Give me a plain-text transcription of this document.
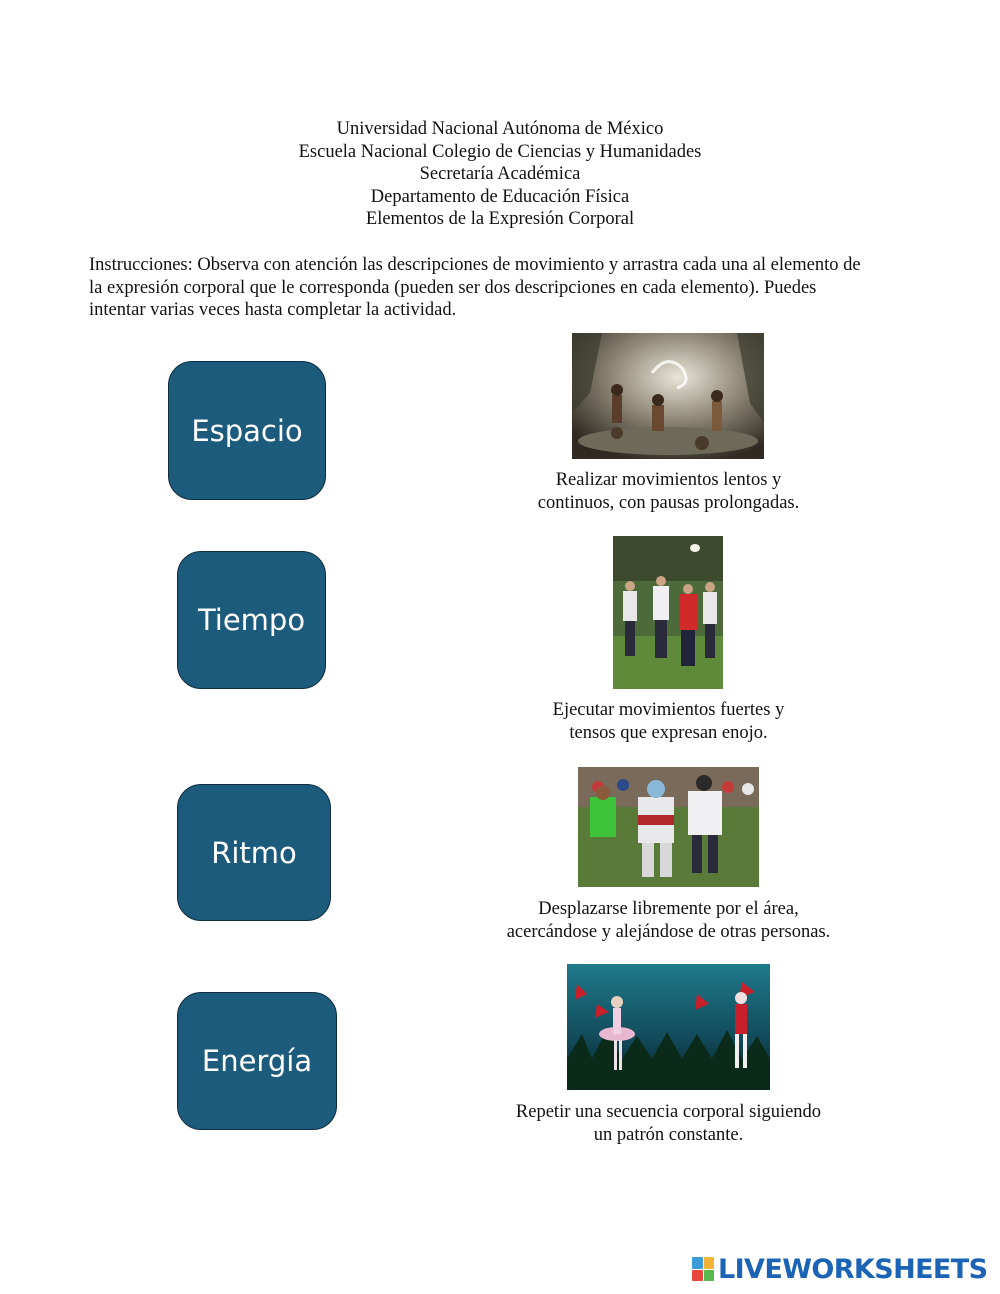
Universidad Nacional Autónoma de México
Escuela Nacional Colegio de Ciencias y Humanidades
Secretaría Académica
Departamento de Educación Física
Elementos de la Expresión Corporal
Instrucciones: Observa con atención las descripciones de movimiento y arrastra cada una al elemento de
la expresión corporal que le corresponda (pueden ser dos descripciones en cada elemento). Puedes
intentar varias veces hasta completar la actividad.
Espacio
Tiempo
Ritmo
Energía
Realizar movimientos lentos y
continuos, con pausas prolongadas.
Ejecutar movimientos fuertes y
tensos que expresan enojo.
Desplazarse libremente por el área,
acercándose y alejándose de otras personas.
Repetir una secuencia corporal siguiendo
un patrón constante.
LIVEWORKSHEETS
